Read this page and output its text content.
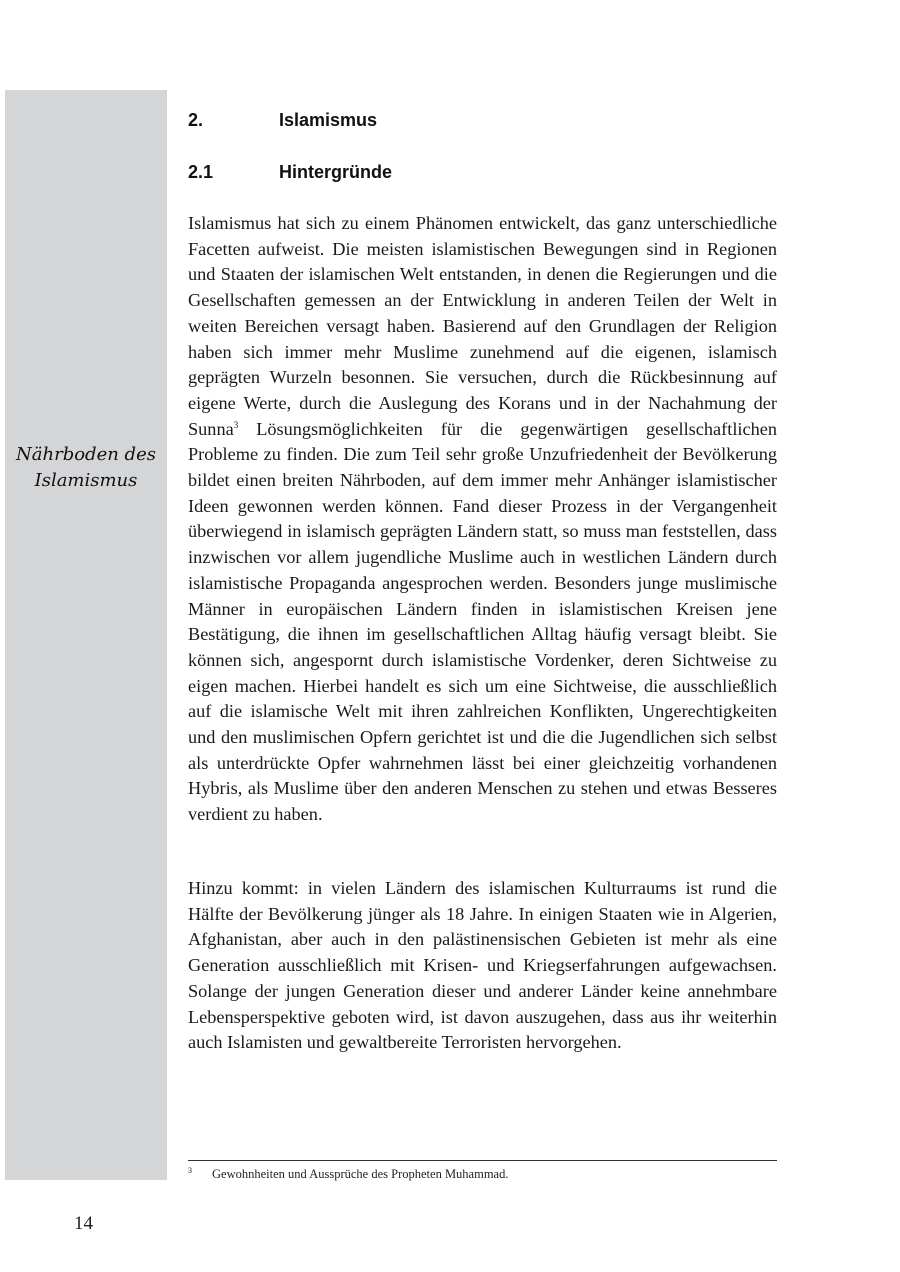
Nährboden des
Islamismus
2.	Islamismus
2.1	Hintergründe

Islamismus hat sich zu einem Phänomen entwickelt, das ganz unterschiedliche Facetten aufweist. Die meisten islamistischen Bewegungen sind in Regionen und Staaten der islamischen Welt entstanden, in denen die Regierungen und die Gesellschaften gemessen an der Entwicklung in anderen Teilen der Welt in weiten Bereichen versagt haben. Basierend auf den Grundlagen der Religion haben sich immer mehr Muslime zunehmend auf die eigenen, islamisch geprägten Wurzeln besonnen. Sie versuchen, durch die Rückbesinnung auf eigene Werte, durch die Auslegung des Korans und in der Nachahmung der Sunna$^3$ Lösungsmöglichkeiten für die gegenwärtigen gesellschaftlichen Probleme zu finden. Die zum Teil sehr große Unzufriedenheit der Bevölkerung bildet einen breiten Nährboden, auf dem immer mehr Anhänger islamistischer Ideen gewonnen werden können. Fand dieser Prozess in der Vergangenheit überwiegend in islamisch geprägten Ländern statt, so muss man feststellen, dass inzwischen vor allem jugendliche Muslime auch in westlichen Ländern durch islamistische Propaganda angesprochen werden. Besonders junge muslimische Männer in europäischen Ländern finden in islamistischen Kreisen jene Bestätigung, die ihnen im gesellschaftlichen Alltag häufig versagt bleibt. Sie können sich, angespornt durch islamistische Vordenker, deren Sichtweise zu eigen machen. Hierbei handelt es sich um eine Sichtweise, die ausschließlich auf die islamische Welt mit ihren zahlreichen Konflikten, Ungerechtigkeiten und den muslimischen Opfern gerichtet ist und die die Jugendlichen sich selbst als unterdrückte Opfer wahrnehmen lässt bei einer gleichzeitig vorhandenen Hybris, als Muslime über den anderen Menschen zu stehen und etwas Besseres verdient zu haben.

Hinzu kommt: in vielen Ländern des islamischen Kulturraums ist rund die Hälfte der Bevölkerung jünger als 18 Jahre. In einigen Staaten wie in Algerien, Afghanistan, aber auch in den palästinensischen Gebieten ist mehr als eine Generation ausschließlich mit Krisen- und Kriegserfahrungen aufgewachsen. Solange der jungen Generation dieser und anderer Länder keine annehmbare Lebensperspektive geboten wird, ist davon auszugehen, dass aus ihr weiterhin auch Islamisten und gewaltbereite Terroristen hervorgehen.

3 Gewohnheiten und Aussprüche des Propheten Muhammad.
14
